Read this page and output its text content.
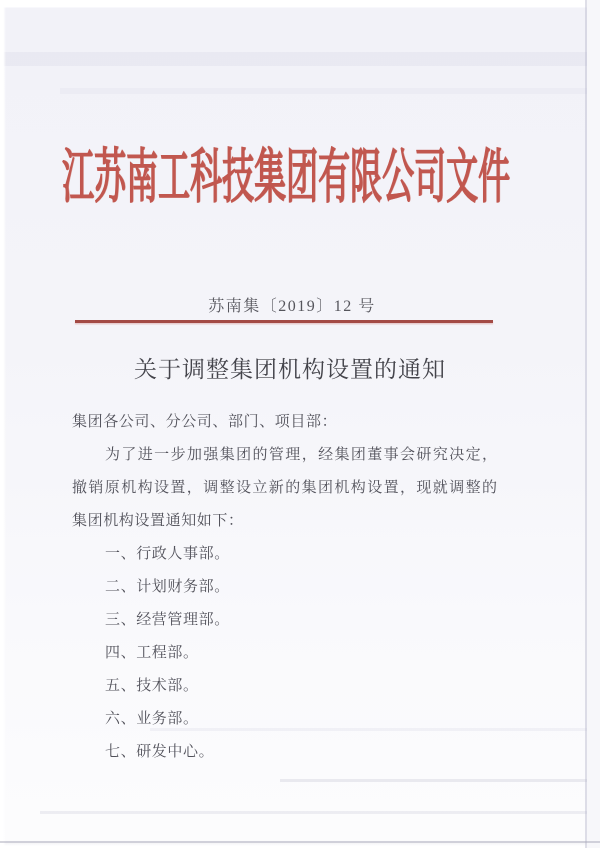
江苏南工科技集团有限公司文件
苏南集〔2019〕12 号
关于调整集团机构设置的通知
集团各公司、分公司、部门、项目部：
为了进一步加强集团的管理，经集团董事会研究决定，
撤销原机构设置，调整设立新的集团机构设置，现就调整的
集团机构设置通知如下：
一、行政人事部。
二、计划财务部。
三、经营管理部。
四、工程部。
五、技术部。
六、业务部。
七、研发中心。
